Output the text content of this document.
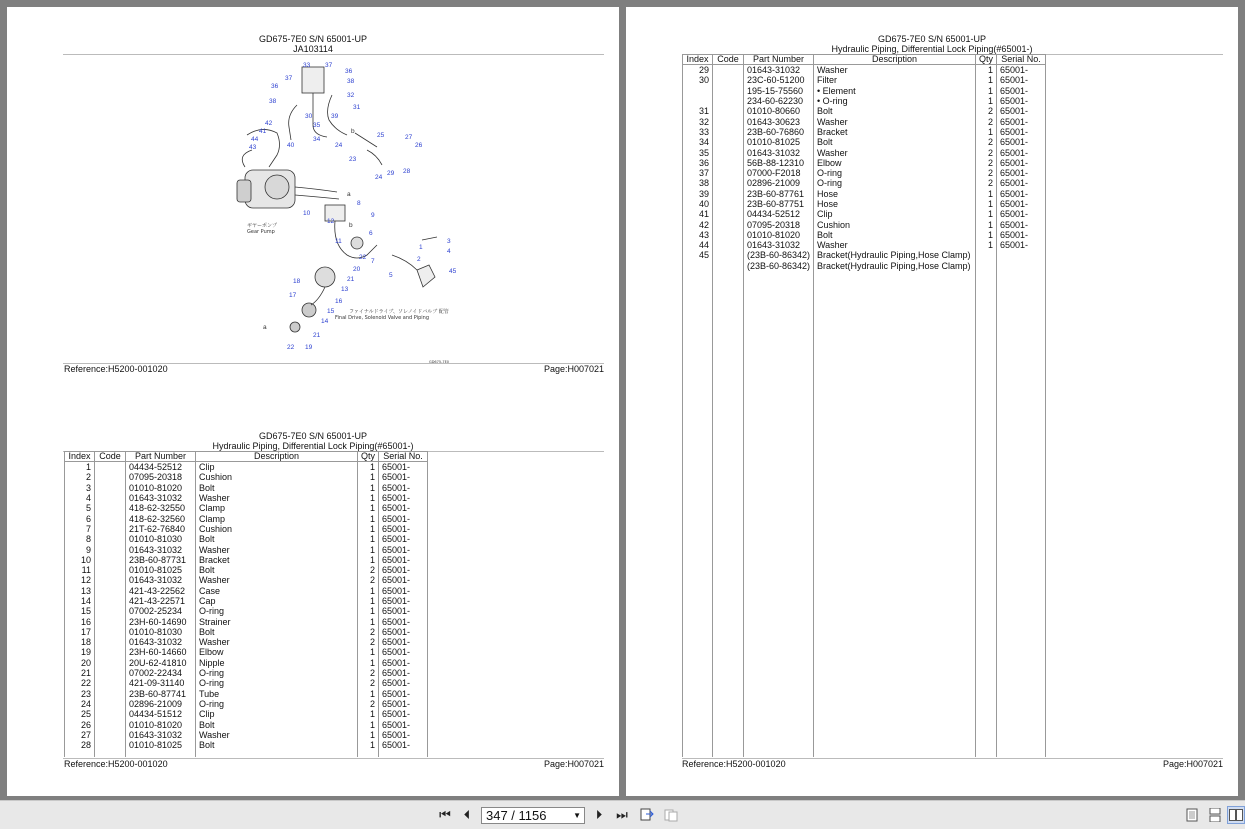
GD675-7E0 S/N 65001-UP
JA103114
33 37
36
36
38
37
38
32
31
35
30
34
39
42
41
44
43	40	24
25	27
26
23
29 28
24
10
8
9
12
6
1
3
4
11
22
7	2
5
20
21
45
18
13
17
16
15
14
21
22 19
a
a
b
b
ギヤーポンプ
Gear Pump
ファイナルドライブ、ソレノイドバルブ 配管
Final Drive, Solenoid Valve and Piping
GD675-7E0
Reference:H5200-001020	Page:H007021
GD675-7E0 S/N 65001-UP
Hydraulic Piping, Differential Lock Piping(#65001-)
Index	Code	Part Number	Description	Qty	Serial No.
1		04434-52512	Clip	1	65001-
2		07095-20318	Cushion	1	65001-
3		01010-81020	Bolt	1	65001-
4		01643-31032	Washer	1	65001-
5		418-62-32550	Clamp	1	65001-
6		418-62-32560	Clamp	1	65001-
7		21T-62-76840	Cushion	1	65001-
8		01010-81030	Bolt	1	65001-
9		01643-31032	Washer	1	65001-
10		23B-60-87731	Bracket	1	65001-
11		01010-81025	Bolt	2	65001-
12		01643-31032	Washer	2	65001-
13		421-43-22562	Case	1	65001-
14		421-43-22571	Cap	1	65001-
15		07002-25234	O-ring	1	65001-
16		23H-60-14690	Strainer	1	65001-
17		01010-81030	Bolt	2	65001-
18		01643-31032	Washer	2	65001-
19		23H-60-14660	Elbow	1	65001-
20		20U-62-41810	Nipple	1	65001-
21		07002-22434	O-ring	2	65001-
22		421-09-31140	O-ring	2	65001-
23		23B-60-87741	Tube	1	65001-
24		02896-21009	O-ring	2	65001-
25		04434-51512	Clip	1	65001-
26		01010-81020	Bolt	1	65001-
27		01643-31032	Washer	1	65001-
28		01010-81025	Bolt	1	65001-

Reference:H5200-001020	Page:H007021
GD675-7E0 S/N 65001-UP
Hydraulic Piping, Differential Lock Piping(#65001-)
Index	Code	Part Number	Description	Qty	Serial No.
29		01643-31032	Washer	1	65001-
30		23C-60-51200	Filter	1	65001-
		195-15-75560	• Element	1	65001-
		234-60-62230	• O-ring	1	65001-
31		01010-80660	Bolt	2	65001-
32		01643-30623	Washer	2	65001-
33		23B-60-76860	Bracket	1	65001-
34		01010-81025	Bolt	2	65001-
35		01643-31032	Washer	2	65001-
36		56B-88-12310	Elbow	2	65001-
37		07000-F2018	O-ring	2	65001-
38		02896-21009	O-ring	2	65001-
39		23B-60-87761	Hose	1	65001-
40		23B-60-87751	Hose	1	65001-
41		04434-52512	Clip	1	65001-
42		07095-20318	Cushion	1	65001-
43		01010-81020	Bolt	1	65001-
44		01643-31032	Washer	1	65001-
45		(23B-60-86342)	Bracket(Hydraulic Piping,Hose Clamp)		
		(23B-60-86342)	Bracket(Hydraulic Piping,Hose Clamp)		

Reference:H5200-001020	Page:H007021
⏮ ⏴	347 / 1156	▼	⏵	⏭
